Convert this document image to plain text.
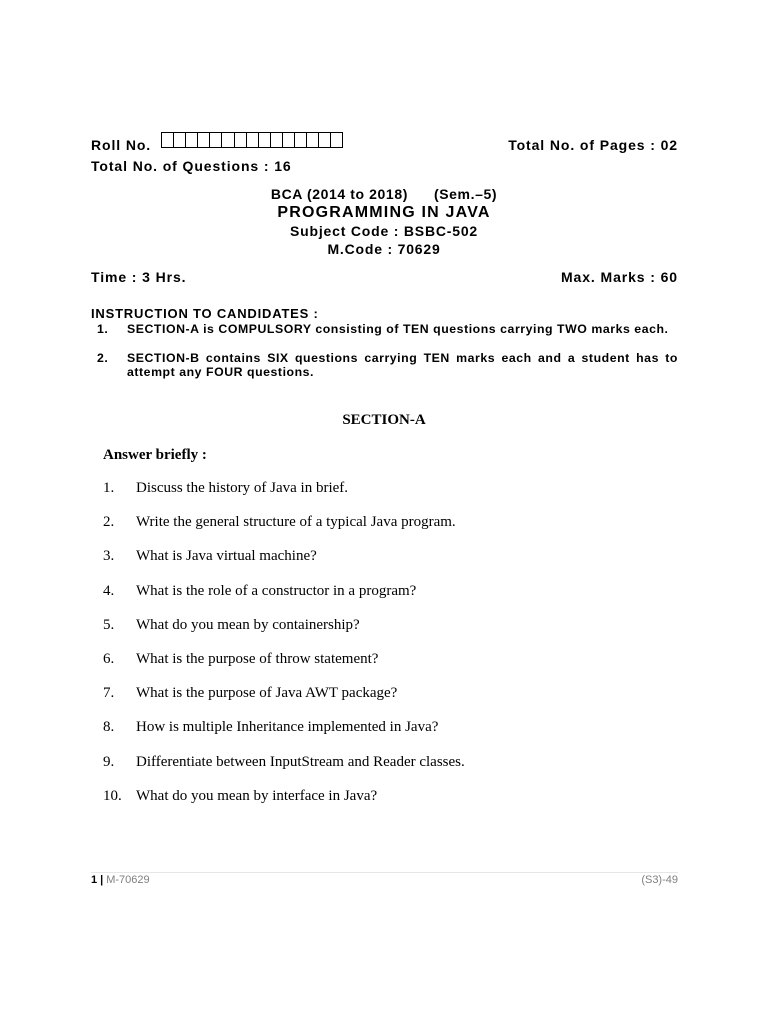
Roll No.	Total No. of Pages : 02
Total No. of Questions : 16
BCA (2014 to 2018) (Sem.–5)
PROGRAMMING IN JAVA
Subject Code : BSBC-502
M.Code : 70629
Time : 3 Hrs.	Max. Marks : 60
INSTRUCTION TO CANDIDATES :
1. SECTION-A is COMPULSORY consisting of TEN questions carrying TWO marks each.
2. SECTION-B contains SIX questions carrying TEN marks each and a student has to attempt any FOUR questions.
SECTION-A
Answer briefly :
1. Discuss the history of Java in brief.
2. Write the general structure of a typical Java program.
3. What is Java virtual machine?
4. What is the role of a constructor in a program?
5. What do you mean by containership?
6. What is the purpose of throw statement?
7. What is the purpose of Java AWT package?
8. How is multiple Inheritance implemented in Java?
9. Differentiate between InputStream and Reader classes.
10. What do you mean by interface in Java?
1 | M-70629	(S3)-49
